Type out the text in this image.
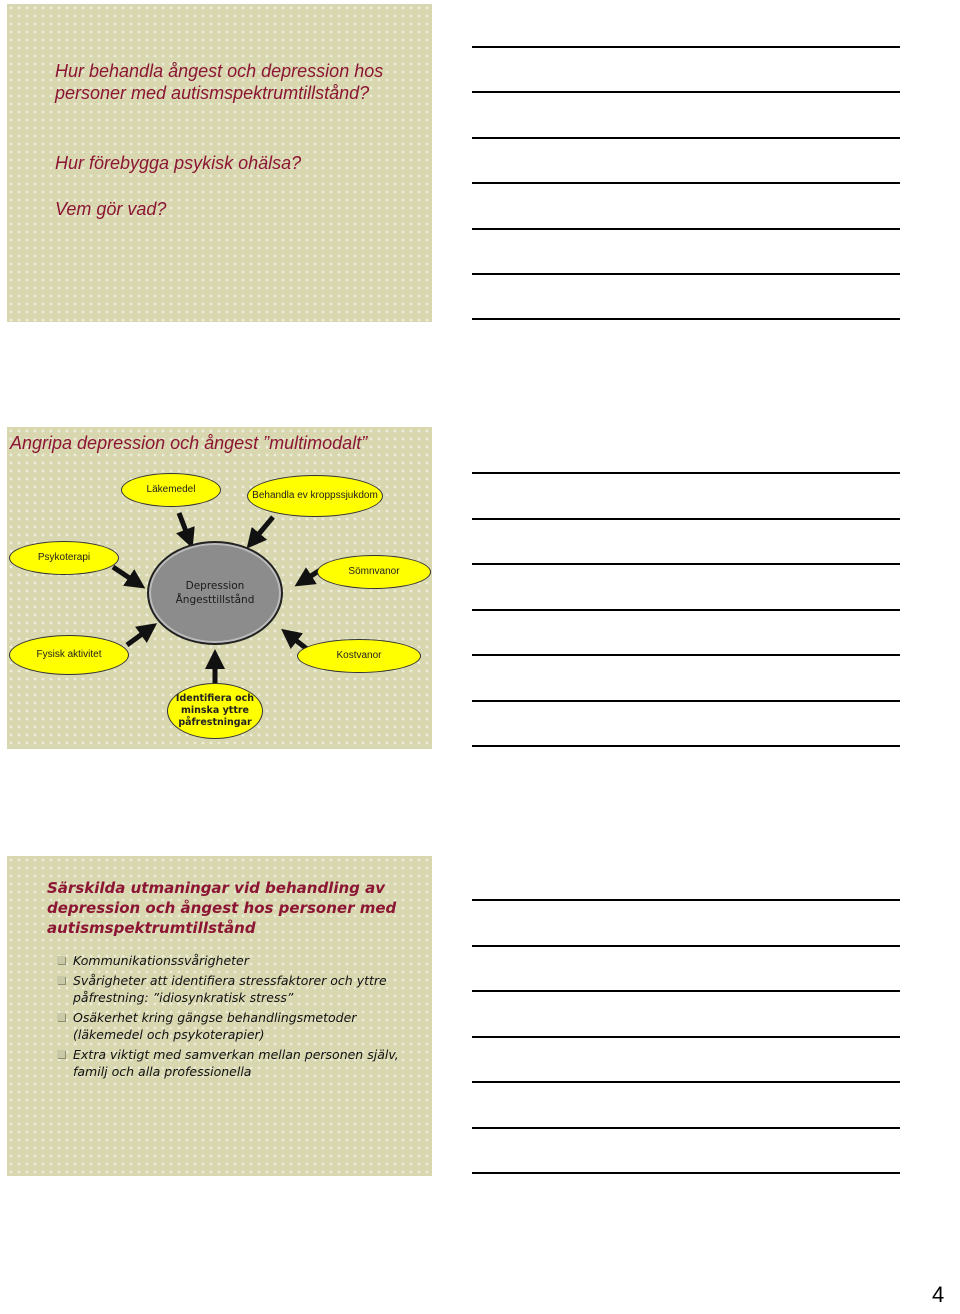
Hur behandla ångest och depression hos personer med autismspektrumtillstånd?

Hur förebygga psykisk ohälsa?

Vem gör vad?

Angripa depression och ångest ”multimodalt”

Läkemedel
Behandla ev kroppssjukdom
Psykoterapi
Sömnvanor
Fysisk aktivitet	Kostvanor
Identifiera och minska yttre påfrestningar
Depression
Ångesttillstånd

Särskilda utmaningar vid behandling av depression och ångest hos personer med autismspektrumtillstånd

Kommunikationssvårigheter
Svårigheter att identifiera stressfaktorer och yttre påfrestning: ”idiosynkratisk stress”
Osäkerhet kring gängse behandlingsmetoder (läkemedel och psykoterapier)
Extra viktigt med samverkan mellan personen själv, familj och alla professionella
4
